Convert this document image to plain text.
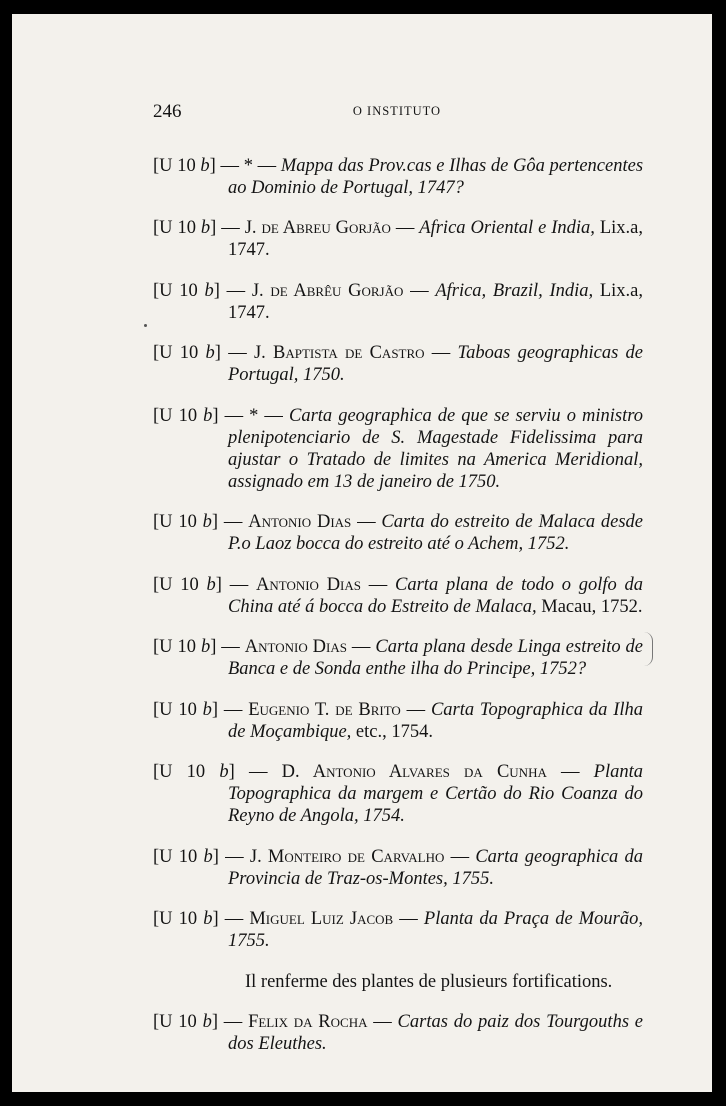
246	O INSTITUTO

[U 10 b] — * — Mappa das Prov.cas e Ilhas de Gôa pertencentes ao Dominio de Portugal, 1747?

[U 10 b] — J. de Abreu Gorjão — Africa Oriental e India, Lix.a, 1747.

[U 10 b] — J. de Abrêu Gorjão — Africa, Brazil, India, Lix.a, 1747.

[U 10 b] — J. Baptista de Castro — Taboas geographicas de Portugal, 1750.

[U 10 b] — * — Carta geographica de que se serviu o ministro plenipotenciario de S. Magestade Fidelissima para ajustar o Tratado de limites na America Meridional, assignado em 13 de janeiro de 1750.

[U 10 b] — Antonio Dias — Carta do estreito de Malaca desde P.o Laoz bocca do estreito até o Achem, 1752.

[U 10 b] — Antonio Dias — Carta plana de todo o golfo da China até á bocca do Estreito de Malaca, Macau, 1752.

[U 10 b] — Antonio Dias — Carta plana desde Linga estreito de Banca e de Sonda enthe ilha do Principe, 1752?

[U 10 b] — Eugenio T. de Brito — Carta Topographica da Ilha de Moçambique, etc., 1754.

[U 10 b] — D. Antonio Alvares da Cunha — Planta Topographica da margem e Certão do Rio Coanza do Reyno de Angola, 1754.

[U 10 b] — J. Monteiro de Carvalho — Carta geographica da Provincia de Traz-os-Montes, 1755.

[U 10 b] — Miguel Luiz Jacob — Planta da Praça de Mourão, 1755.

Il renferme des plantes de plusieurs fortifications.

[U 10 b] — Felix da Rocha — Cartas do paiz dos Tourgouths e dos Eleuthes.
